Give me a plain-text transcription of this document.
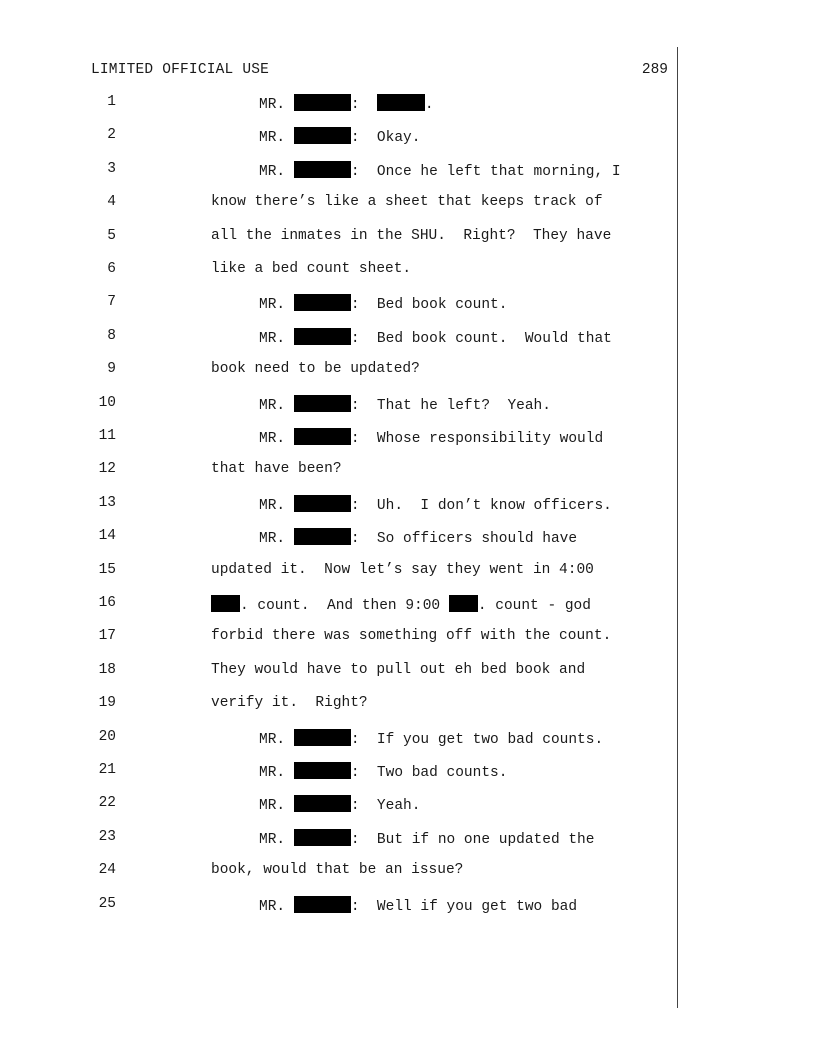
LIMITED OFFICIAL USE	289
1	MR.	:	.
2	MR.	:  Okay.
3	MR.	:  Once he left that morning, I
4	know there’s like a sheet that keeps track of
5	all the inmates in the SHU.  Right?  They have
6	like a bed count sheet.
7	MR.	:  Bed book count.
8	MR.	:  Bed book count.  Would that
9	book need to be updated?
10	MR.	:  That he left?  Yeah.
11	MR.	:  Whose responsibility would
12	that have been?
13	MR.	:  Uh.  I don’t know officers.
14	MR.	:  So officers should have
15	updated it.  Now let’s say they went in 4:00
16	. count.  And then 9:00 . count - god
17	forbid there was something off with the count.
18	They would have to pull out eh bed book and
19	verify it.  Right?
20	MR.	:  If you get two bad counts.
21	MR.	:  Two bad counts.
22	MR.	:  Yeah.
23	MR.	:  But if no one updated the
24	book, would that be an issue?
25	MR.	:  Well if you get two bad
